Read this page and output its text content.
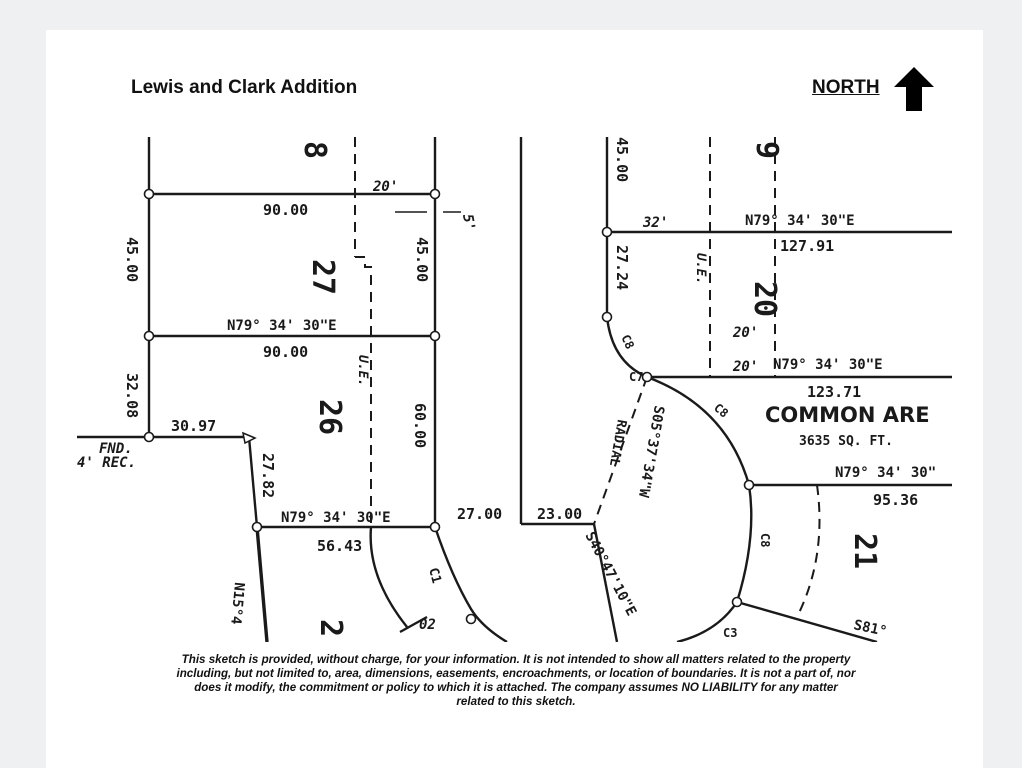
Lewis and Clark Addition	NORTH
27
26
20
21
8	9
2
90.00
90.00
45.00	45.00
32.08
30.97
27.82
56.43
60.00
27.00 23.00
127.91
123.71
95.36
27.24
45.00
N79° 34' 30"E
N79° 34' 30"E
N79° 34' 30"E
N79° 34' 30"E
N79° 34' 30"
S40°47'10"E
S05°37'34"W
S81°
N15°4
COMMON ARE
3635 SQ. FT.
RADIAL
U.E.
U.E.
FND.
4' REC.
20'
20'
20'
32'
5'
C1
C7
C8
C8
C8
C3
02
This sketch is provided, without charge, for your information. It is not intended to show all matters related to the property
including, but not limited to, area, dimensions, easements, encroachments, or location of boundaries. It is not a part of, nor
does it modify, the commitment or policy to which it is attached. The company assumes NO LIABILITY for any matter
related to this sketch.
